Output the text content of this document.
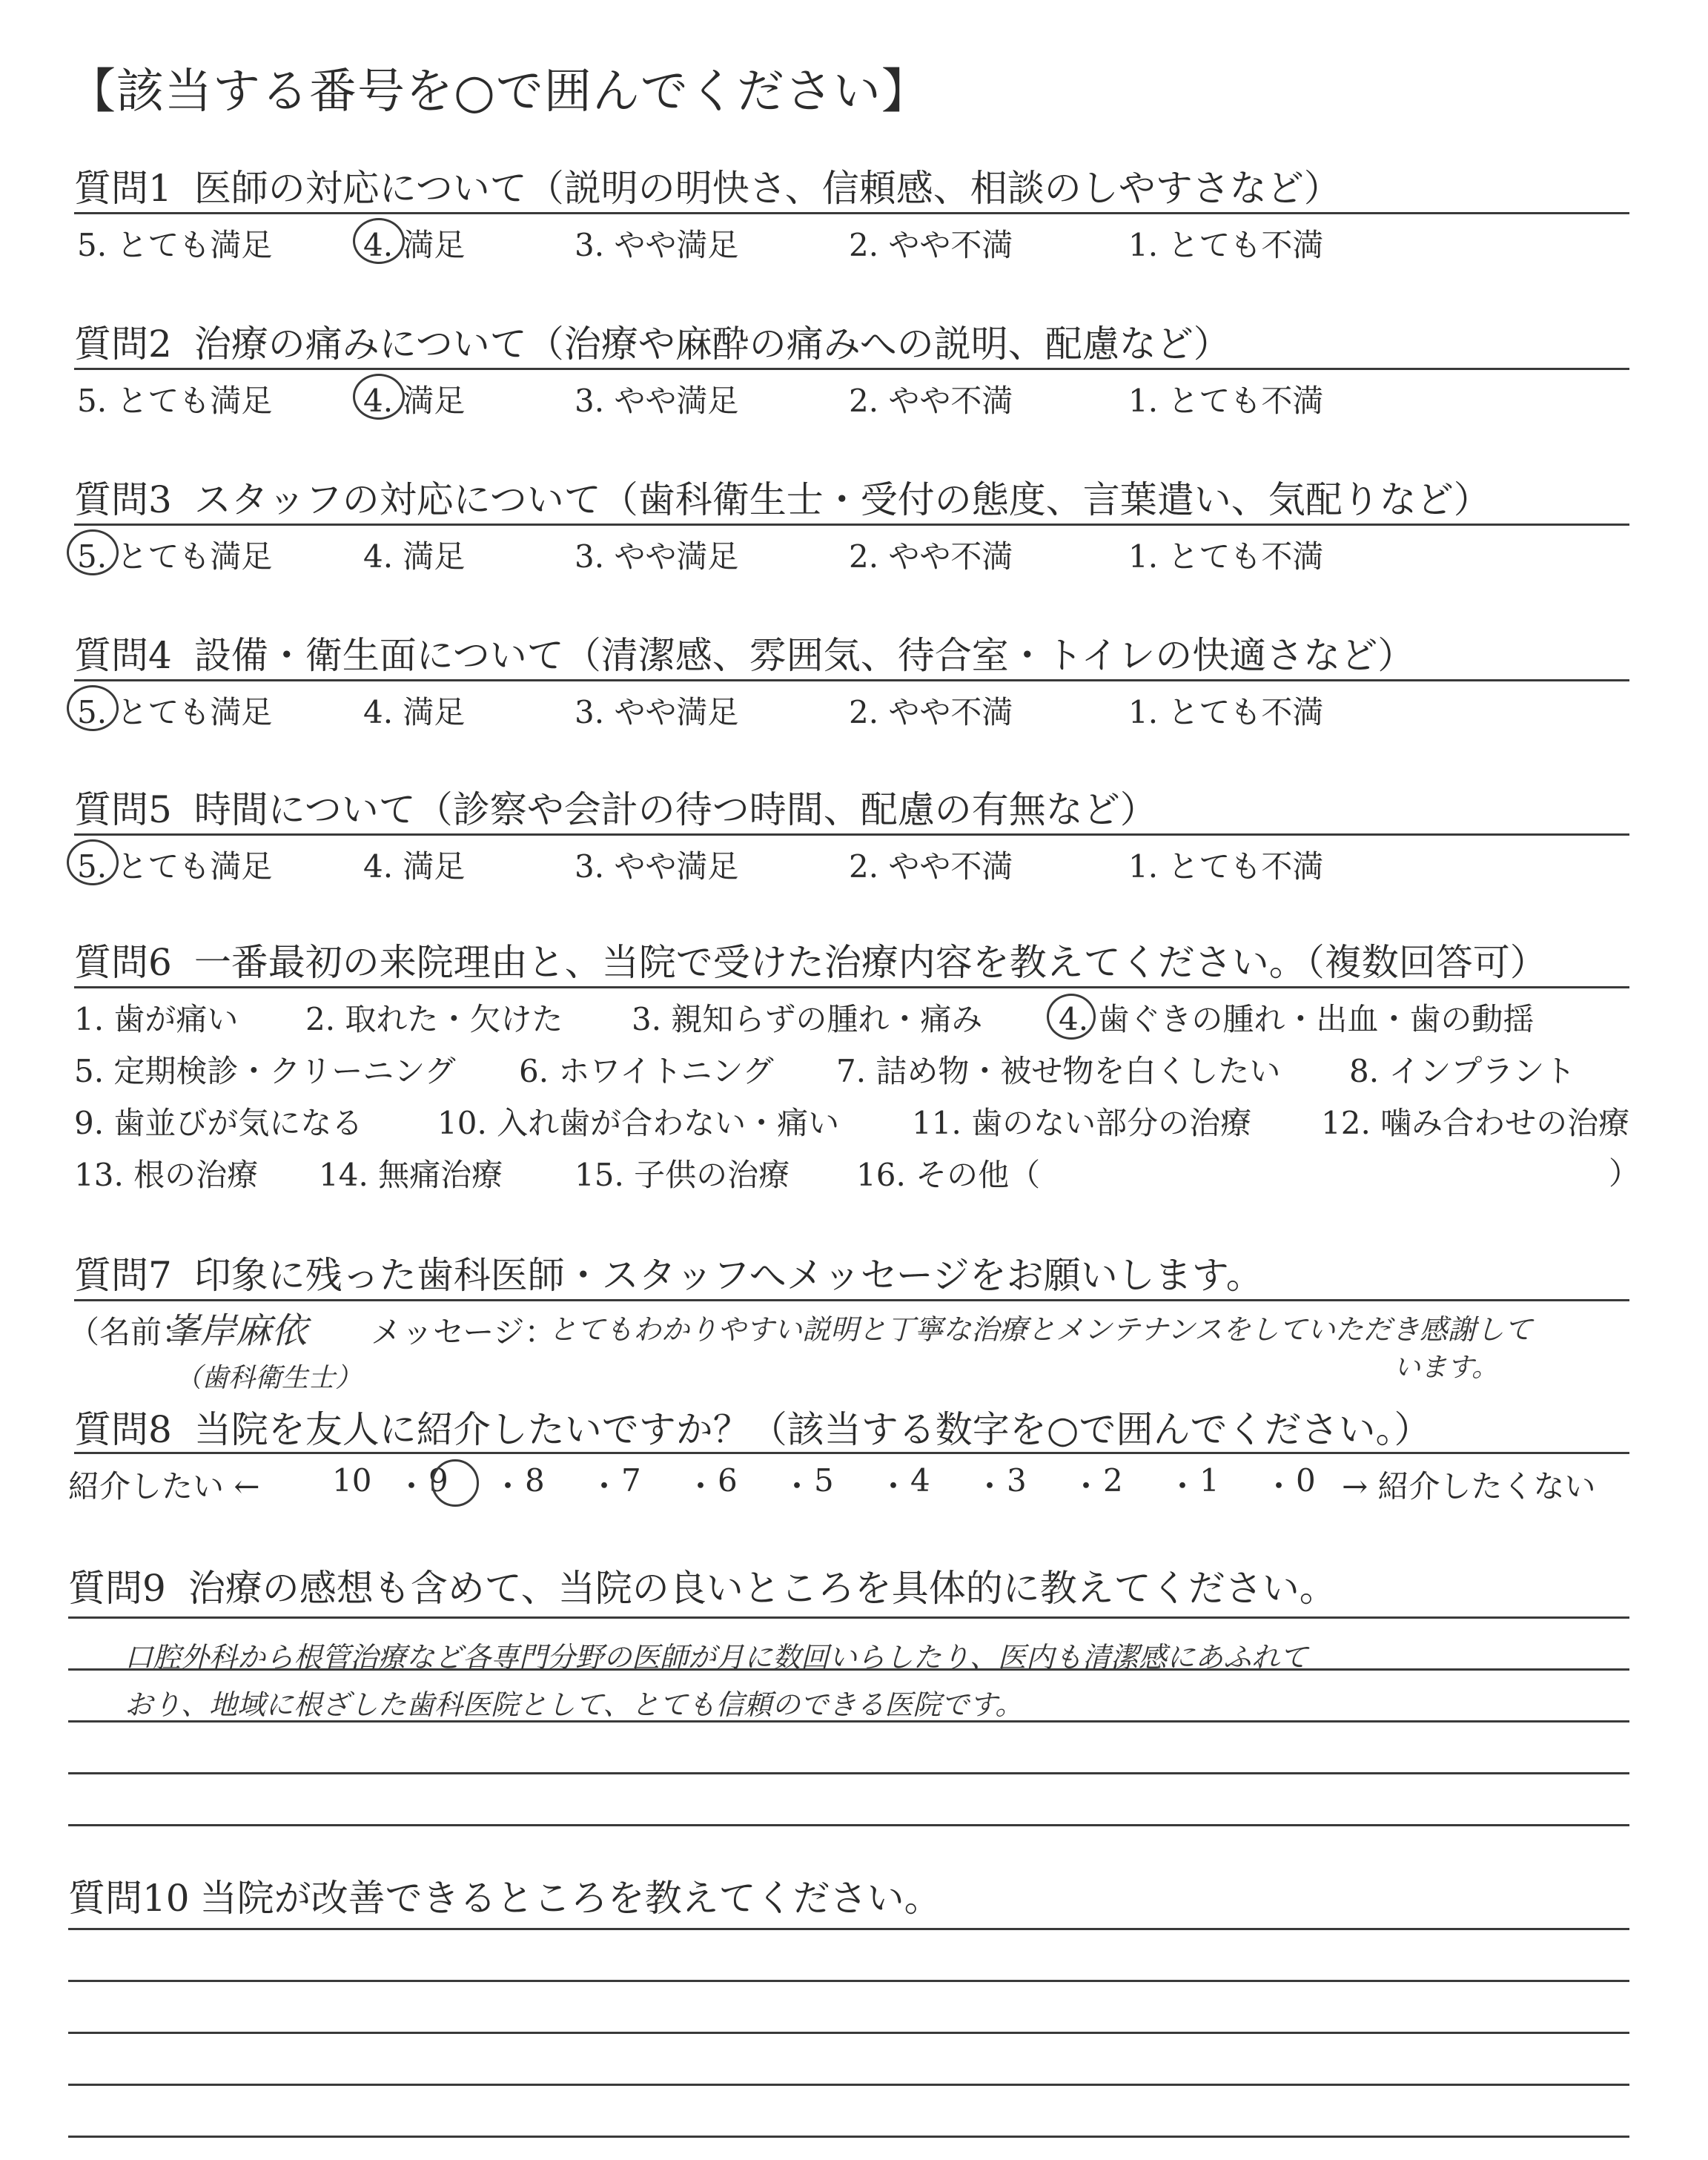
【該当する番号を○で囲んでください】
質問1 医師の対応について（説明の明快さ、信頼感、相談のしやすさなど）
5. とても満足	4. 満足	3. やや満足	2. やや不満	1. とても不満
質問2 治療の痛みについて（治療や麻酔の痛みへの説明、配慮など）
5. とても満足	4. 満足	3. やや満足	2. やや不満	1. とても不満
質問3 スタッフの対応について（歯科衛生士・受付の態度、言葉遣い、気配りなど）
5. とても満足	4. 満足	3. やや満足	2. やや不満	1. とても不満
質問4 設備・衛生面について（清潔感、雰囲気、待合室・トイレの快適さなど）
5. とても満足	4. 満足	3. やや満足	2. やや不満	1. とても不満
質問5 時間について（診察や会計の待つ時間、配慮の有無など）
5. とても満足	4. 満足	3. やや満足	2. やや不満	1. とても不満
質問6 一番最初の来院理由と、当院で受けた治療内容を教えてください。（複数回答可）
1. 歯が痛い 2. 取れた・欠けた 3. 親知らずの腫れ・痛み 4. 歯ぐきの腫れ・出血・歯の動揺
5. 定期検診・クリーニング 6. ホワイトニング 7. 詰め物・被せ物を白くしたい 8. インプラント
9. 歯並びが気になる 10. 入れ歯が合わない・痛い 11. 歯のない部分の治療 12. 噛み合わせの治療
13. 根の治療 14. 無痛治療 15. 子供の治療 16. その他（	）
質問7 印象に残った歯科医師・スタッフへメッセージをお願いします。
（名前：
峯岸麻依
（歯科衛生士）
メッセージ：
とてもわかりやすい説明と丁寧な治療とメンテナンスをしていただき感謝して
います。
質問8 当院を友人に紹介したいですか？（該当する数字を○で囲んでください。）
紹介したい ← 10 ・ 9 ・ 8 ・ 7 ・ 6 ・ 5 ・ 4 ・ 3 ・ 2 ・ 1 ・ 0 → 紹介したくない
質問9 治療の感想も含めて、当院の良いところを具体的に教えてください。
口腔外科から根管治療など各専門分野の医師が月に数回いらしたり、医内も清潔感にあふれて
おり、地域に根ざした歯科医院として、とても信頼のできる医院です。
質問10 当院が改善できるところを教えてください。
